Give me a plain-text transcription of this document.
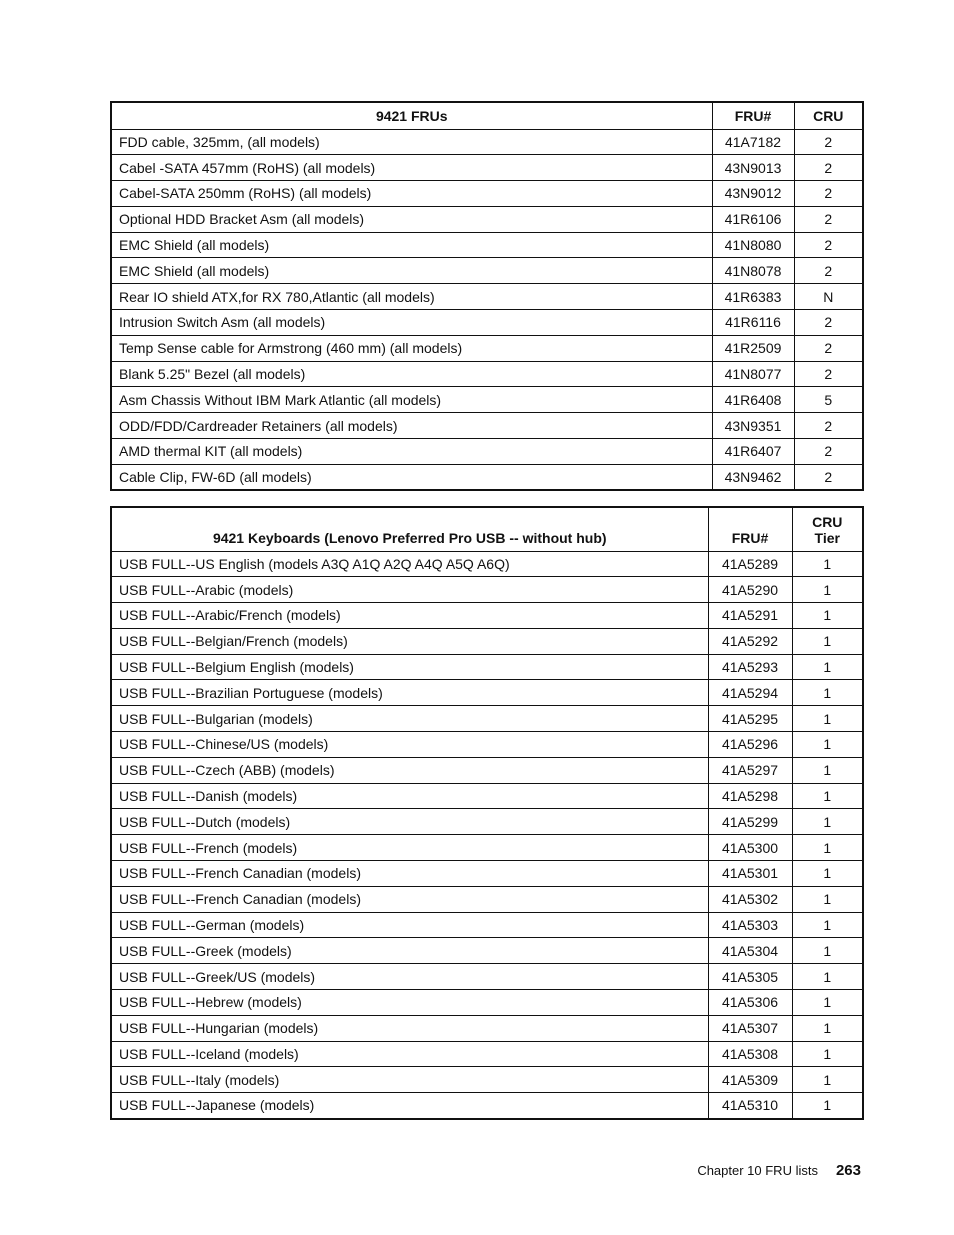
9421 FRUs	FRU#	CRU
FDD cable, 325mm, (all models)	41A7182	2
Cabel -SATA 457mm (RoHS) (all models)	43N9013	2
Cabel-SATA 250mm (RoHS) (all models)	43N9012	2
Optional HDD Bracket Asm (all models)	41R6106	2
EMC Shield (all models)	41N8080	2
EMC Shield (all models)	41N8078	2
Rear IO shield ATX,for RX 780,Atlantic (all models)	41R6383	N
Intrusion Switch Asm (all models)	41R6116	2
Temp Sense cable for Armstrong (460 mm) (all models)	41R2509	2
Blank 5.25" Bezel (all models)	41N8077	2
Asm Chassis Without IBM Mark Atlantic (all models)	41R6408	5
ODD/FDD/Cardreader Retainers (all models)	43N9351	2
AMD thermal KIT (all models)	41R6407	2
Cable Clip, FW-6D (all models)	43N9462	2
9421 Keyboards (Lenovo Preferred Pro USB -- without hub)	FRU#	CRU
Tier
USB FULL--US English (models A3Q A1Q A2Q A4Q A5Q A6Q)	41A5289	1
USB FULL--Arabic (models)	41A5290	1
USB FULL--Arabic/French (models)	41A5291	1
USB FULL--Belgian/French (models)	41A5292	1
USB FULL--Belgium English (models)	41A5293	1
USB FULL--Brazilian Portuguese (models)	41A5294	1
USB FULL--Bulgarian (models)	41A5295	1
USB FULL--Chinese/US (models)	41A5296	1
USB FULL--Czech (ABB) (models)	41A5297	1
USB FULL--Danish (models)	41A5298	1
USB FULL--Dutch (models)	41A5299	1
USB FULL--French (models)	41A5300	1
USB FULL--French Canadian (models)	41A5301	1
USB FULL--French Canadian (models)	41A5302	1
USB FULL--German (models)	41A5303	1
USB FULL--Greek (models)	41A5304	1
USB FULL--Greek/US (models)	41A5305	1
USB FULL--Hebrew (models)	41A5306	1
USB FULL--Hungarian (models)	41A5307	1
USB FULL--Iceland (models)	41A5308	1
USB FULL--Italy (models)	41A5309	1
USB FULL--Japanese (models)	41A5310	1
Chapter 10 FRU lists 263
